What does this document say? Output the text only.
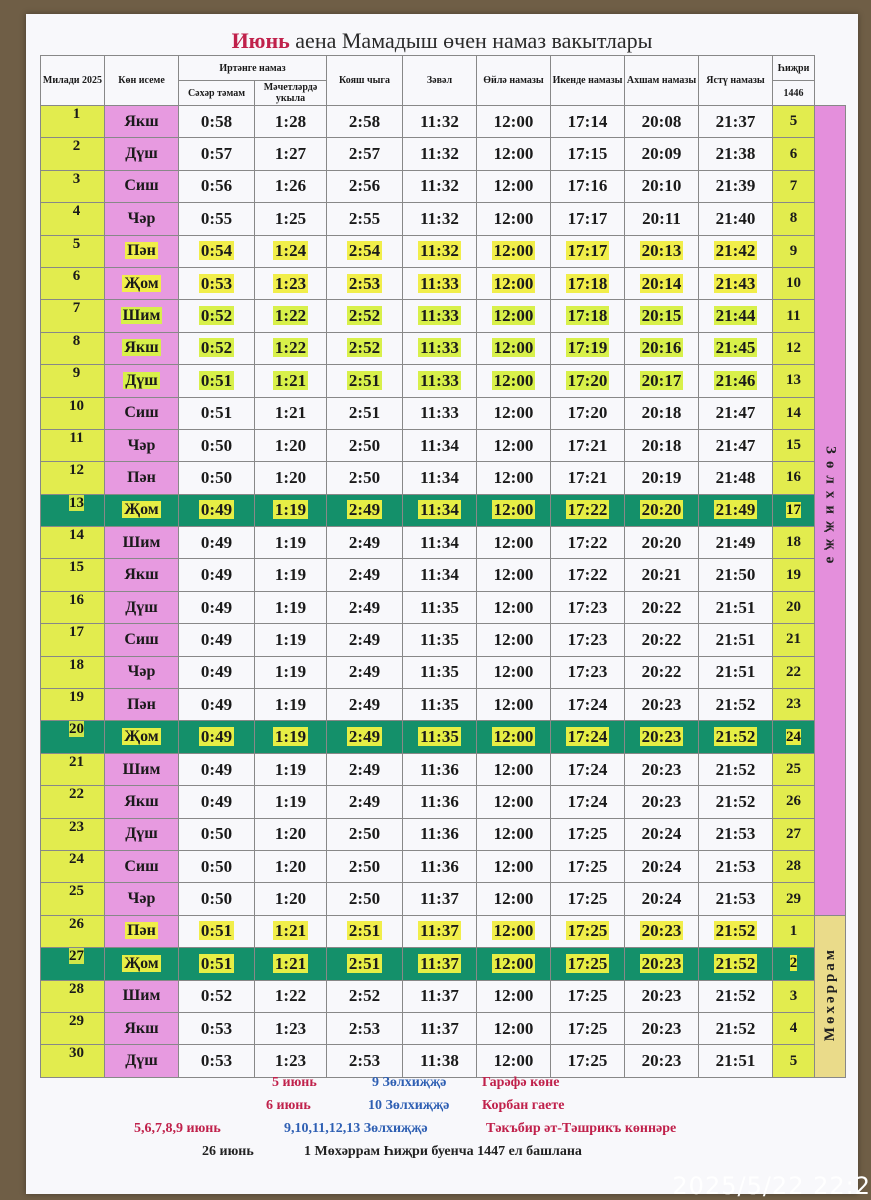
Июнь аена Мамадыш өчен намаз вакытлары
Милади 2025	Көн исеме	Иртәнге намаз		Кояш чыга	Зәвәл	Өйлә намазы	Икенде намазы	Ахшам намазы	Ястү намазы	Һиҗри	
		Сәхәр тәмам	Мәчетләрдә укыла							1446	
1	Якш	0:58	1:28	2:58	11:32	12:00	17:14	20:08	21:37	5	Зөлхиҗҗә
2	Дүш	0:57	1:27	2:57	11:32	12:00	17:15	20:09	21:38	6	
3	Сиш	0:56	1:26	2:56	11:32	12:00	17:16	20:10	21:39	7	
4	Чәр	0:55	1:25	2:55	11:32	12:00	17:17	20:11	21:40	8	
5	Пән	0:54	1:24	2:54	11:32	12:00	17:17	20:13	21:42	9	
6	Җом	0:53	1:23	2:53	11:33	12:00	17:18	20:14	21:43	10	
7	Шим	0:52	1:22	2:52	11:33	12:00	17:18	20:15	21:44	11	
8	Якш	0:52	1:22	2:52	11:33	12:00	17:19	20:16	21:45	12	
9	Дүш	0:51	1:21	2:51	11:33	12:00	17:20	20:17	21:46	13	
10	Сиш	0:51	1:21	2:51	11:33	12:00	17:20	20:18	21:47	14	
11	Чәр	0:50	1:20	2:50	11:34	12:00	17:21	20:18	21:47	15	
12	Пән	0:50	1:20	2:50	11:34	12:00	17:21	20:19	21:48	16	
13	Җом	0:49	1:19	2:49	11:34	12:00	17:22	20:20	21:49	17	
14	Шим	0:49	1:19	2:49	11:34	12:00	17:22	20:20	21:49	18	
15	Якш	0:49	1:19	2:49	11:34	12:00	17:22	20:21	21:50	19	
16	Дүш	0:49	1:19	2:49	11:35	12:00	17:23	20:22	21:51	20	
17	Сиш	0:49	1:19	2:49	11:35	12:00	17:23	20:22	21:51	21	
18	Чәр	0:49	1:19	2:49	11:35	12:00	17:23	20:22	21:51	22	
19	Пән	0:49	1:19	2:49	11:35	12:00	17:24	20:23	21:52	23	
20	Җом	0:49	1:19	2:49	11:35	12:00	17:24	20:23	21:52	24	
21	Шим	0:49	1:19	2:49	11:36	12:00	17:24	20:23	21:52	25	
22	Якш	0:49	1:19	2:49	11:36	12:00	17:24	20:23	21:52	26	
23	Дүш	0:50	1:20	2:50	11:36	12:00	17:25	20:24	21:53	27	
24	Сиш	0:50	1:20	2:50	11:36	12:00	17:25	20:24	21:53	28	
25	Чәр	0:50	1:20	2:50	11:37	12:00	17:25	20:24	21:53	29	
26	Пән	0:51	1:21	2:51	11:37	12:00	17:25	20:23	21:52	1	Мөхәррам
27	Җом	0:51	1:21	2:51	11:37	12:00	17:25	20:23	21:52	2	
28	Шим	0:52	1:22	2:52	11:37	12:00	17:25	20:23	21:52	3	
29	Якш	0:53	1:23	2:53	11:37	12:00	17:25	20:23	21:52	4	
30	Дүш	0:53	1:23	2:53	11:38	12:00	17:25	20:23	21:51	5	
5 июнь	9 Зөлхиҗҗә	Гарәфә көне
6 июнь	10 Зөлхиҗҗә Корбан гаете
5,6,7,8,9 июнь	9,10,11,12,13 Зөлхиҗҗә	Тәкъбир әт-Тәшрикъ көннәре
26 июнь	1 Мөхәррам Һиҗри буенча 1447 ел башлана
2025/5/22 22:2
